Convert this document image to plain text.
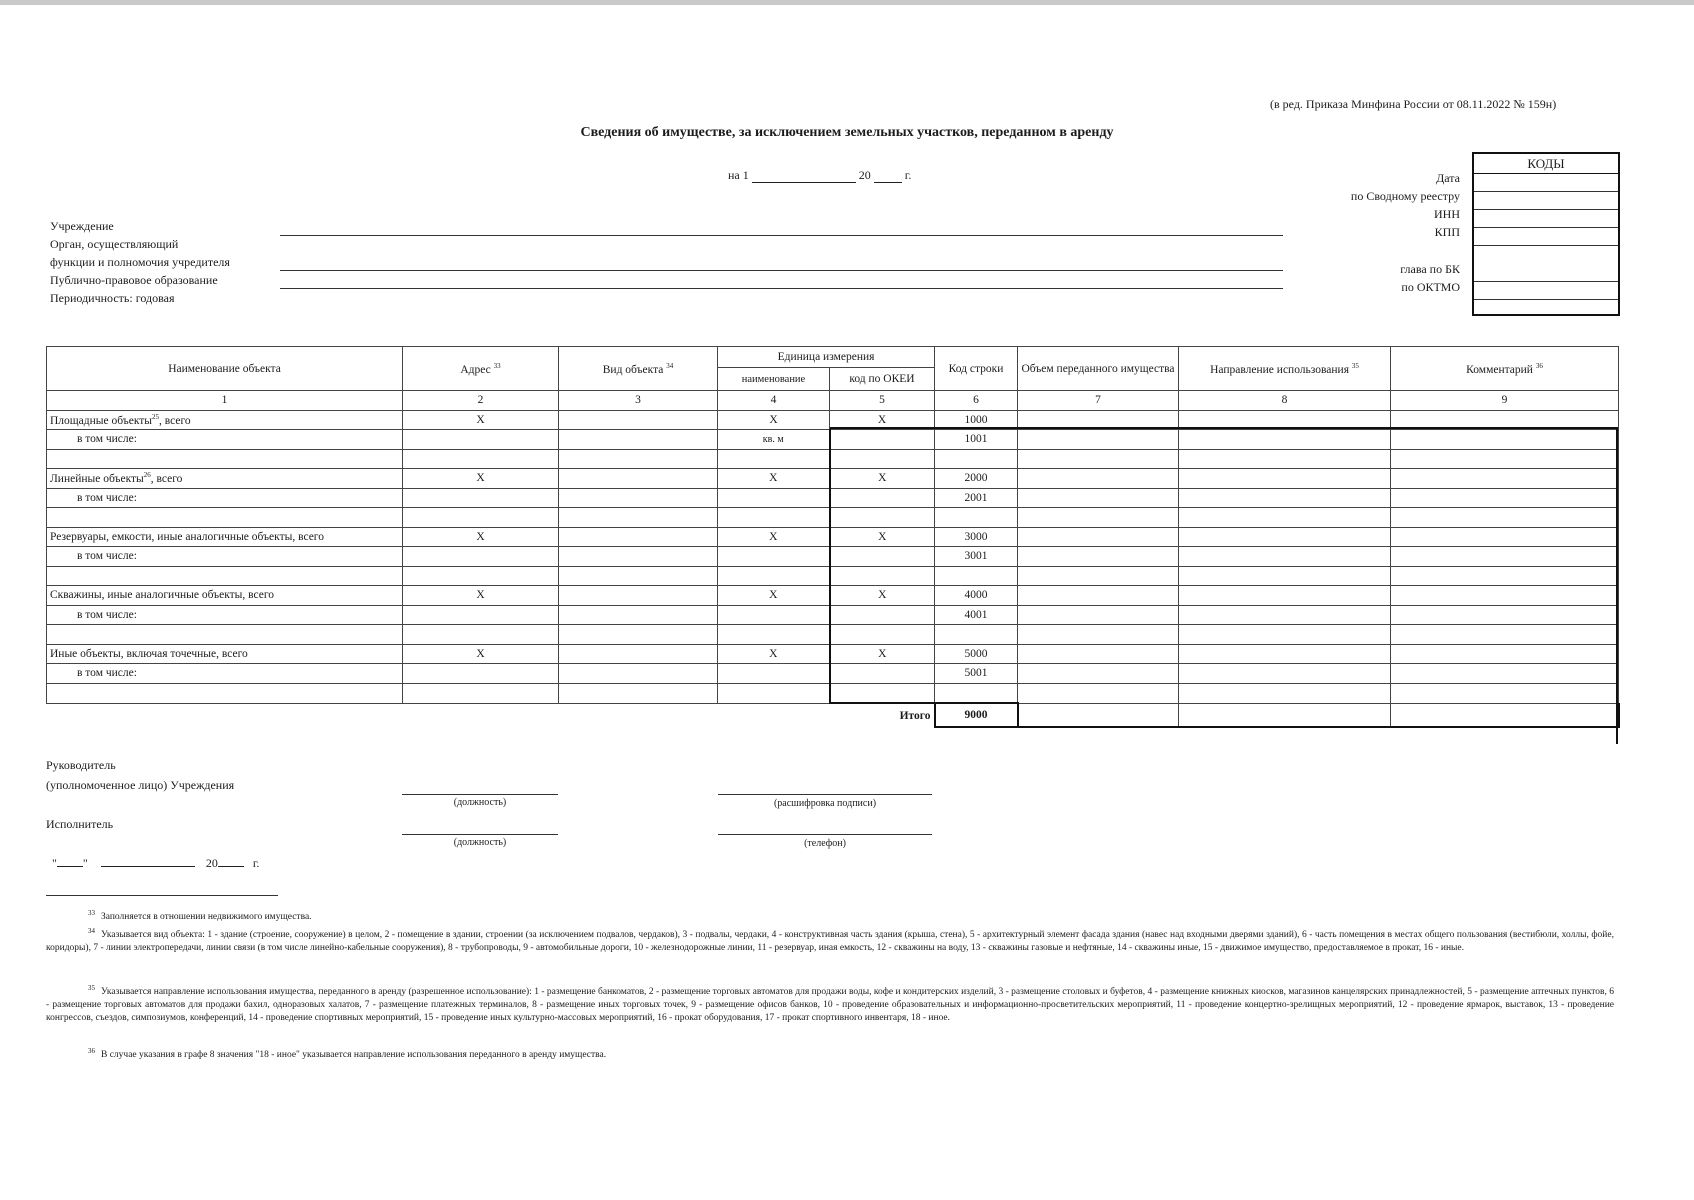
(в ред. Приказа Минфина России от 08.11.2022 № 159н)
Сведения об имуществе, за исключением земельных участков, переданном в аренду
на 1	20	г.
Учреждение
Орган, осуществляющий
функции и полномочия учредителя
Публично-правовое образование
Периодичность: годовая
Дата
по Сводному реестру
ИНН
КПП
глава по БК
по ОКТМО
КОДЫ
Наименование объекта	Адрес $^{33}$	Вид объекта $^{34}$	Единица измерения		Код строки	Объем переданного имущества	Направление использования $^{35}$	Комментарий $^{36}$
			наименование	код по ОКЕИ				
1	2	3	4	5	6	7	8	9
Площадные объекты$^{25}$, всего	Х		Х	Х	1000			
в том числе:			кв. м		1001			

Линейные объекты$^{26}$, всего	Х		Х	Х	2000			
в том числе:					2001			

Резервуары, емкости, иные аналогичные объекты, всего	Х		Х	Х	3000			
в том числе:					3001			

Скважины, иные аналогичные объекты, всего	Х		Х	Х	4000			
в том числе:					4001			

Иные объекты, включая точечные, всего	Х		Х	Х	5000			
в том числе:					5001			

				Итого	9000			
Руководитель
(уполномоченное лицо) Учреждения
(должность)	(расшифровка подписи)
Исполнитель
(должность)	(телефон)
" "	20	г.
$^{33}$ Заполняется в отношении недвижимого имущества.
$^{34}$ Указывается вид объекта: 1 - здание (строение, сооружение) в целом, 2 - помещение в здании, строении (за исключением подвалов, чердаков), 3 - подвалы, чердаки, 4 - конструктивная часть здания (крыша, стена), 5 - архитектурный элемент фасада здания (навес над входными дверями зданий), 6 - часть помещения в местах общего пользования (вестибюли, холлы, фойе, коридоры), 7 - линии электропередачи, линии связи (в том числе линейно-кабельные сооружения), 8 - трубопроводы, 9 - автомобильные дороги, 10 - железнодорожные линии, 11 - резервуар, иная емкость, 12 - скважины на воду, 13 - скважины газовые и нефтяные, 14 - скважины иные, 15 - движимое имущество, предоставляемое в прокат, 16 - иные.
$^{35}$ Указывается направление использования имущества, переданного в аренду (разрешенное использование): 1 - размещение банкоматов, 2 - размещение торговых автоматов для продажи воды, кофе и кондитерских изделий, 3 - размещение столовых и буфетов, 4 - размещение книжных киосков, магазинов канцелярских принадлежностей, 5 - размещение аптечных пунктов, 6 - размещение торговых автоматов для продажи бахил, одноразовых халатов, 7 - размещение платежных терминалов, 8 - размещение иных торговых точек, 9 - размещение офисов банков, 10 - проведение образовательных и информационно-просветительских мероприятий, 11 - проведение концертно-зрелищных мероприятий, 12 - проведение ярмарок, выставок, 13 - проведение конгрессов, съездов, симпозиумов, конференций, 14 - проведение спортивных мероприятий, 15 - проведение иных культурно-массовых мероприятий, 16 - прокат оборудования, 17 - прокат спортивного инвентаря, 18 - иное.
$^{36}$ В случае указания в графе 8 значения "18 - иное" указывается направление использования переданного в аренду имущества.
